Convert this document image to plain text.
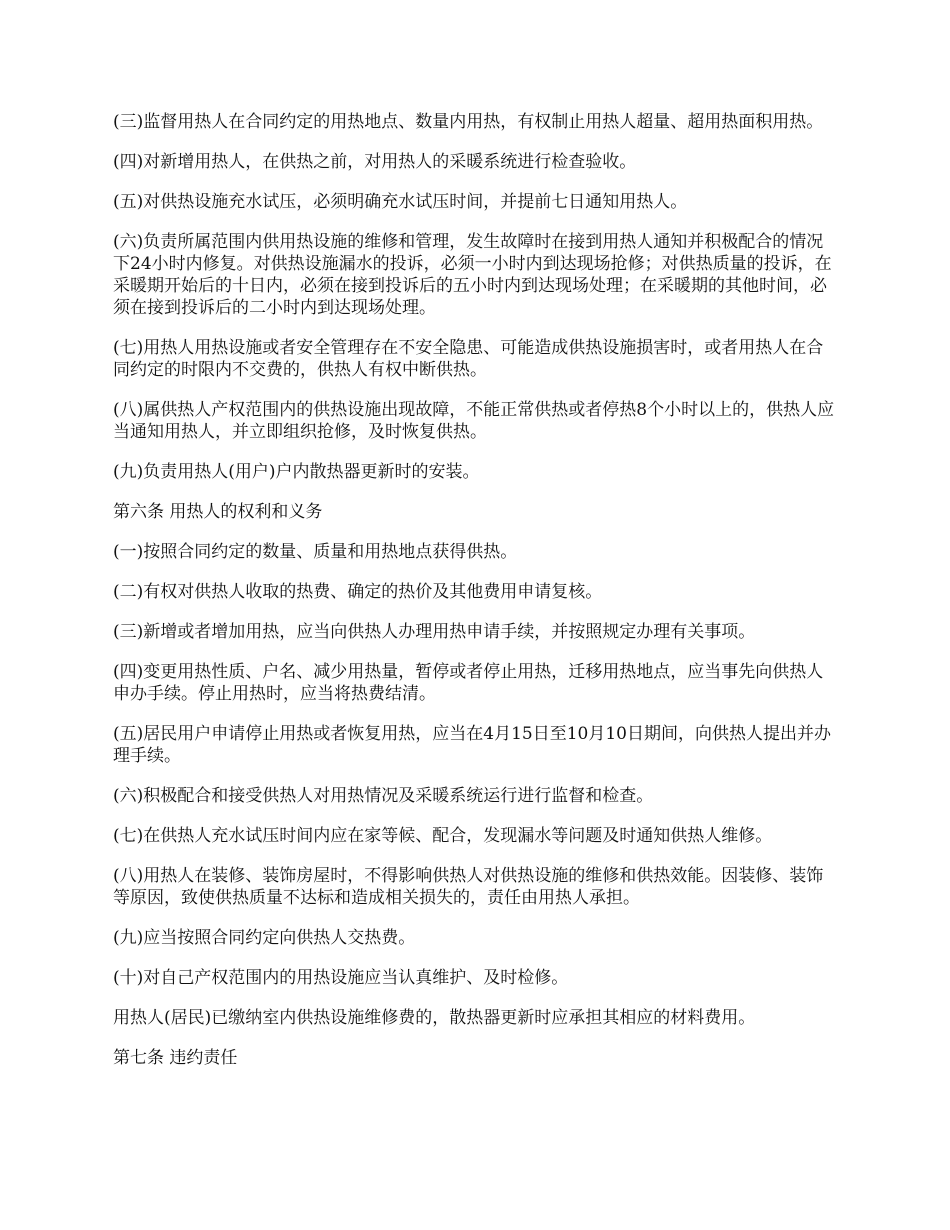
(三)监督用热人在合同约定的用热地点、数量内用热，有权制止用热人超量、超用热面积用热。

(四)对新增用热人，在供热之前，对用热人的采暖系统进行检查验收。

(五)对供热设施充水试压，必须明确充水试压时间，并提前七日通知用热人。

(六)负责所属范围内供用热设施的维修和管理，发生故障时在接到用热人通知并积极配合的情况下24小时内修复。对供热设施漏水的投诉，必须一小时内到达现场抢修；对供热质量的投诉，在采暖期开始后的十日内，必须在接到投诉后的五小时内到达现场处理；在采暖期的其他时间，必须在接到投诉后的二小时内到达现场处理。

(七)用热人用热设施或者安全管理存在不安全隐患、可能造成供热设施损害时，或者用热人在合同约定的时限内不交费的，供热人有权中断供热。

(八)属供热人产权范围内的供热设施出现故障，不能正常供热或者停热8个小时以上的，供热人应当通知用热人，并立即组织抢修，及时恢复供热。

(九)负责用热人(用户)户内散热器更新时的安装。

第六条 用热人的权利和义务

(一)按照合同约定的数量、质量和用热地点获得供热。

(二)有权对供热人收取的热费、确定的热价及其他费用申请复核。

(三)新增或者增加用热，应当向供热人办理用热申请手续，并按照规定办理有关事项。

(四)变更用热性质、户名、减少用热量，暂停或者停止用热，迁移用热地点，应当事先向供热人申办手续。停止用热时，应当将热费结清。

(五)居民用户申请停止用热或者恢复用热，应当在4月15日至10月10日期间，向供热人提出并办理手续。

(六)积极配合和接受供热人对用热情况及采暖系统运行进行监督和检查。

(七)在供热人充水试压时间内应在家等候、配合，发现漏水等问题及时通知供热人维修。

(八)用热人在装修、装饰房屋时，不得影响供热人对供热设施的维修和供热效能。因装修、装饰等原因，致使供热质量不达标和造成相关损失的，责任由用热人承担。

(九)应当按照合同约定向供热人交热费。

(十)对自己产权范围内的用热设施应当认真维护、及时检修。

用热人(居民)已缴纳室内供热设施维修费的，散热器更新时应承担其相应的材料费用。

第七条 违约责任
